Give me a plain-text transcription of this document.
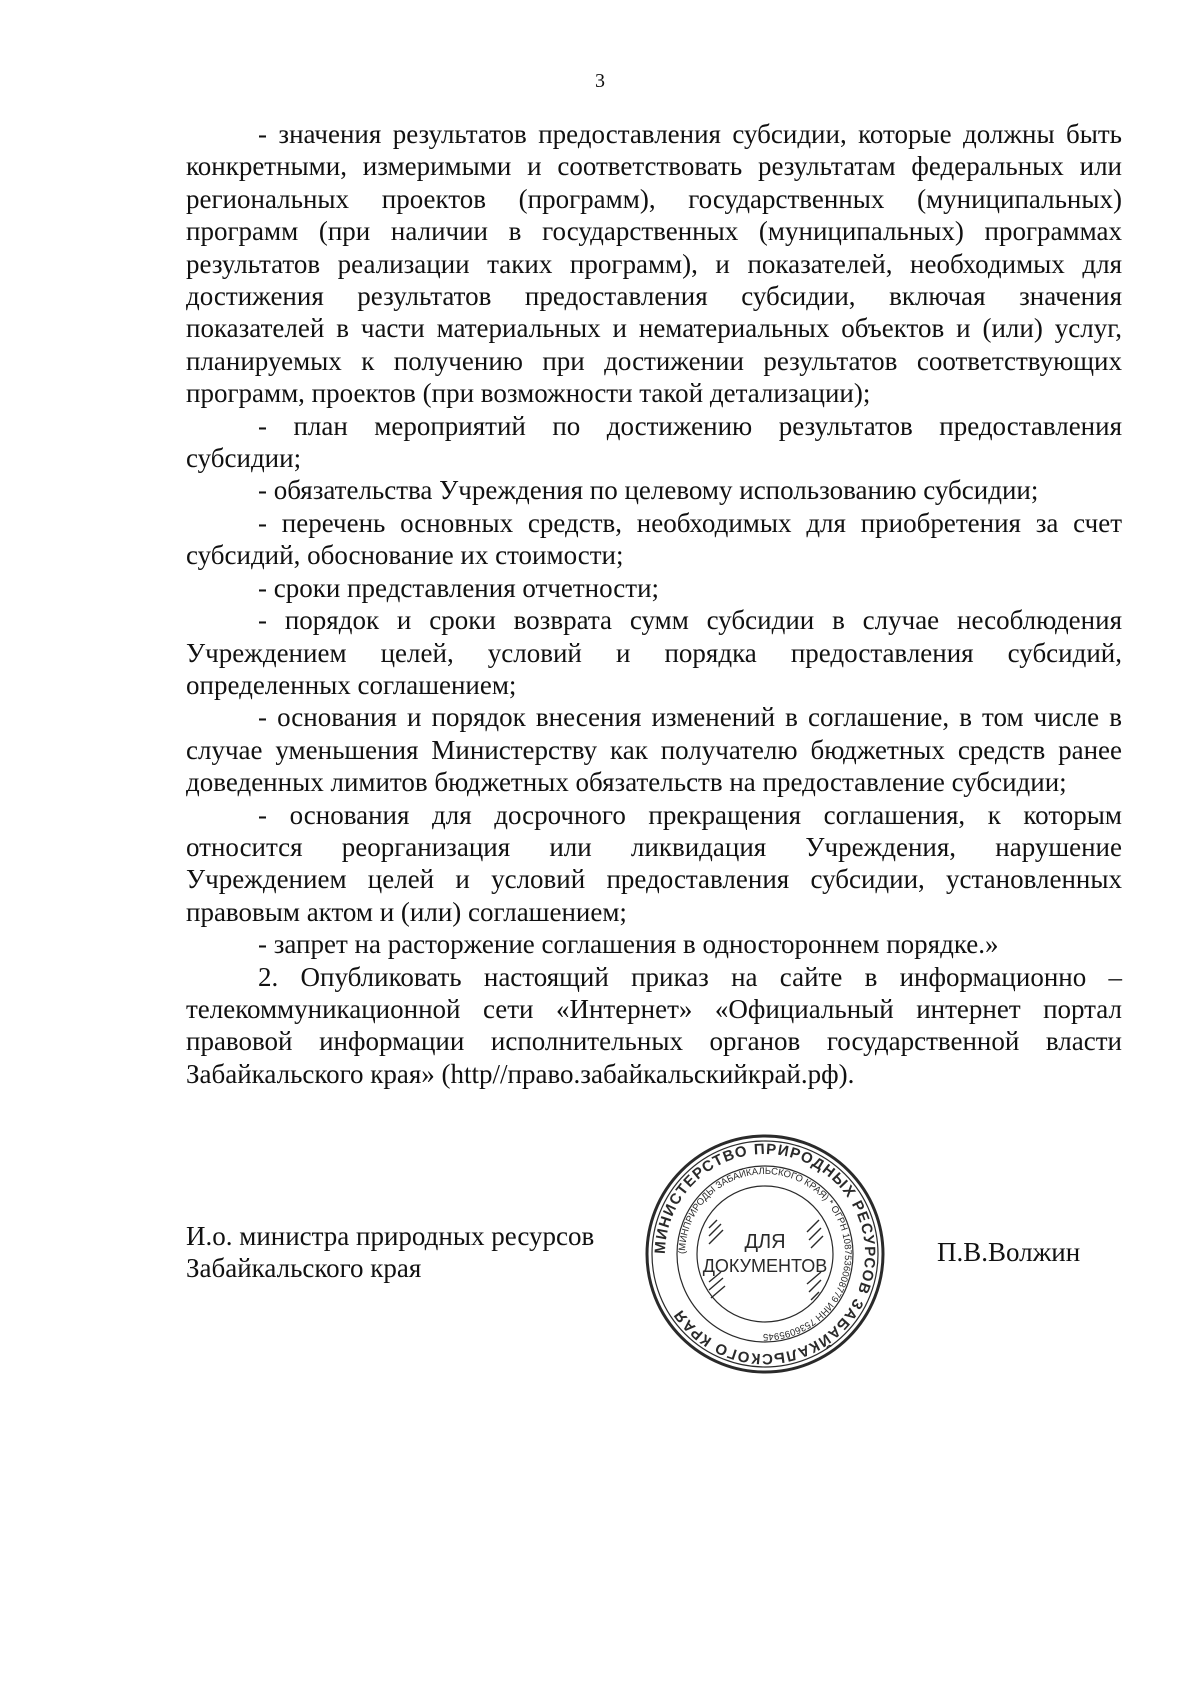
3

- значения результатов предоставления субсидии, которые должны быть конкретными, измеримыми и соответствовать результатам федеральных или региональных проектов (программ), государственных (муниципальных) программ (при наличии в государственных (муниципальных) программах результатов реализации таких программ), и показателей, необходимых для достижения результатов предоставления субсидии, включая значения показателей в части материальных и нематериальных объектов и (или) услуг, планируемых к получению при достижении результатов соответствующих программ, проектов (при возможности такой детализации);

- план мероприятий по достижению результатов предоставления субсидии;

- обязательства Учреждения по целевому использованию субсидии;

- перечень основных средств, необходимых для приобретения за счет субсидий, обоснование их стоимости;

- сроки представления отчетности;

- порядок и сроки возврата сумм субсидии в случае несоблюдения Учреждением целей, условий и порядка предоставления субсидий, определенных соглашением;

- основания и порядок внесения изменений в соглашение, в том числе в случае уменьшения Министерству как получателю бюджетных средств ранее доведенных лимитов бюджетных обязательств на предоставление субсидии;

- основания для досрочного прекращения соглашения, к которым относится реорганизация или ликвидация Учреждения, нарушение Учреждением целей и условий предоставления субсидии, установленных правовым актом и (или) соглашением;

- запрет на расторжение соглашения в одностороннем порядке.»

2. Опубликовать настоящий приказ на сайте в информационно – телекоммуникационной сети «Интернет» «Официальный интернет портал правовой информации исполнительных органов государственной власти Забайкальского края» (http//право.забайкальскийкрай.рф).

И.о. министра природных ресурсов
Забайкальского края
МИНИСТЕРСТВО ПРИРОДНЫХ РЕСУРСОВ ЗАБАЙКАЛЬСКОГО КРАЯ
(МИНПРИРОДЫ ЗАБАЙКАЛЬСКОГО КРАЯ) * ОГРН 1087536008779 ИНН 7536095945
ДЛЯ
ДОКУМЕНТОВ	П.В.Волжин
